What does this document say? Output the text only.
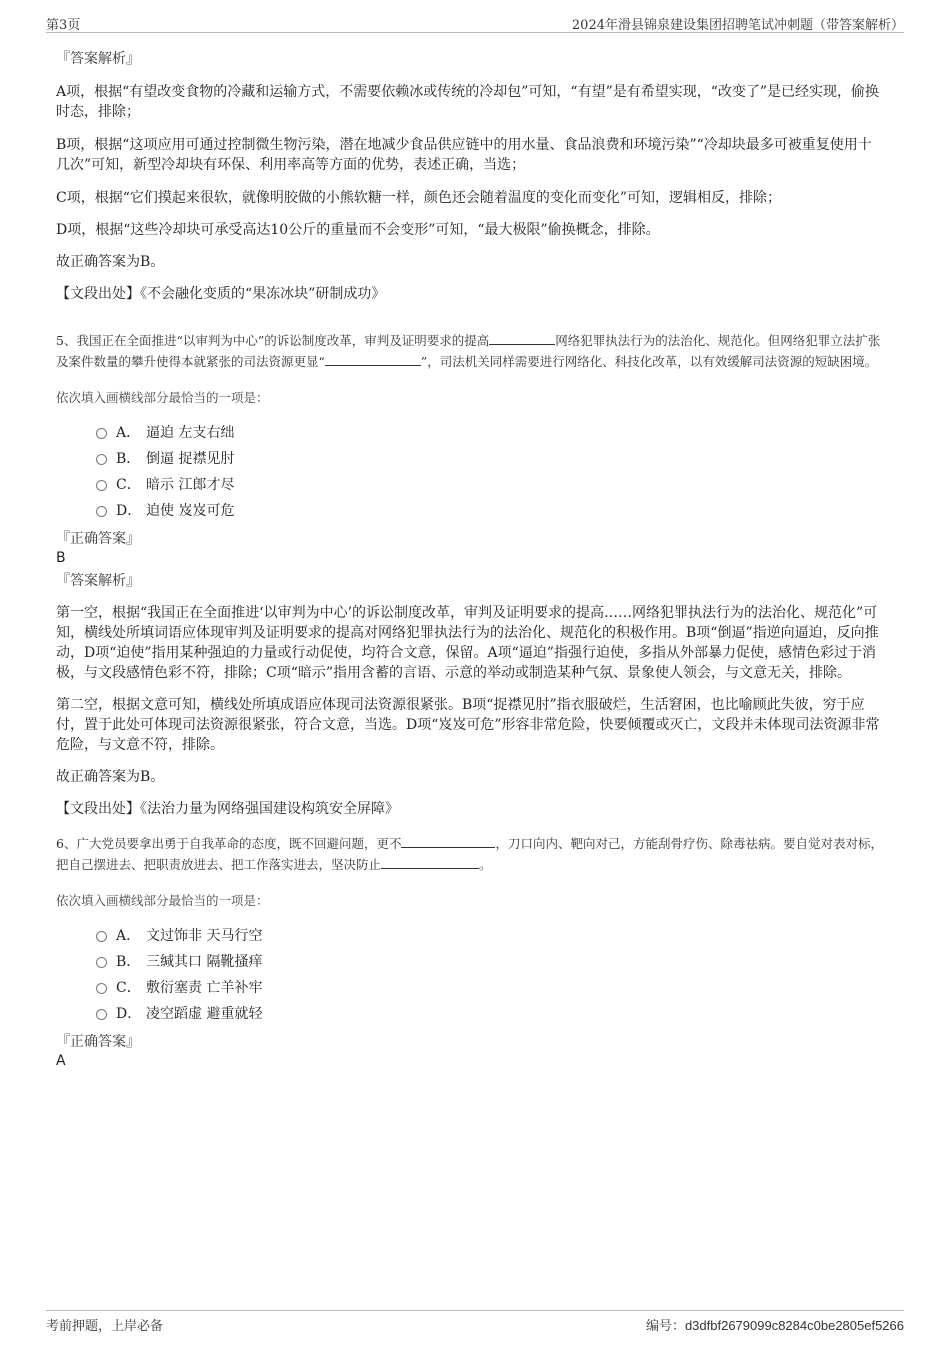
第3页	2024年滑县锦泉建设集团招聘笔试冲刺题（带答案解析）

『答案解析』

A项，根据“有望改变食物的冷藏和运输方式，不需要依赖冰或传统的冷却包”可知，“有望”是有希望实现，“改变了”是已经实现，偷换时态，排除；

B项，根据“这项应用可通过控制微生物污染，潜在地减少食品供应链中的用水量、食品浪费和环境污染”“冷却块最多可被重复使用十几次”可知，新型冷却块有环保、利用率高等方面的优势，表述正确，当选；

C项，根据“它们摸起来很软，就像明胶做的小熊软糖一样，颜色还会随着温度的变化而变化”可知，逻辑相反，排除；

D项，根据“这些冷却块可承受高达10公斤的重量而不会变形”可知，“最大极限”偷换概念，排除。

故正确答案为B。

【文段出处】《不会融化变质的“果冻冰块”研制成功》

5、我国正在全面推进“以审判为中心”的诉讼制度改革，审判及证明要求的提高	网络犯罪执法行为的法治化、规范化。但网络犯罪立法扩张及案件数量的攀升使得本就紧张的司法资源更显“	”，司法机关同样需要进行网络化、科技化改革，以有效缓解司法资源的短缺困境。

依次填入画横线部分最恰当的一项是：

A． 逼迫 左支右绌
B． 倒逼 捉襟见肘
C． 暗示 江郎才尽
D． 迫使 岌岌可危

『正确答案』

B

『答案解析』

第一空，根据“我国正在全面推进‘以审判为中心’的诉讼制度改革，审判及证明要求的提高……网络犯罪执法行为的法治化、规范化”可知，横线处所填词语应体现审判及证明要求的提高对网络犯罪执法行为的法治化、规范化的积极作用。B项“倒逼”指逆向逼迫，反向推动，D项“迫使”指用某种强迫的力量或行动促使，均符合文意，保留。A项“逼迫”指强行迫使，多指从外部暴力促使，感情色彩过于消极，与文段感情色彩不符，排除；C项“暗示”指用含蓄的言语、示意的举动或制造某种气氛、景象使人领会，与文意无关，排除。

第二空，根据文意可知，横线处所填成语应体现司法资源很紧张。B项“捉襟见肘”指衣服破烂，生活窘困，也比喻顾此失彼，穷于应付，置于此处可体现司法资源很紧张，符合文意，当选。D项“岌岌可危”形容非常危险，快要倾覆或灭亡，文段并未体现司法资源非常危险，与文意不符，排除。

故正确答案为B。

【文段出处】《法治力量为网络强国建设构筑安全屏障》

6、广大党员要拿出勇于自我革命的态度，既不回避问题，更不	，刀口向内、靶向对己，方能刮骨疗伤、除毒祛病。要自觉对表对标，把自己摆进去、把职责放进去、把工作落实进去，坚决防止	。

依次填入画横线部分最恰当的一项是：

A． 文过饰非 天马行空
B． 三缄其口 隔靴搔痒
C． 敷衍塞责 亡羊补牢
D． 凌空蹈虚 避重就轻

『正确答案』

A

考前押题，上岸必备	编号：d3dfbf2679099c8284c0be2805ef5266
